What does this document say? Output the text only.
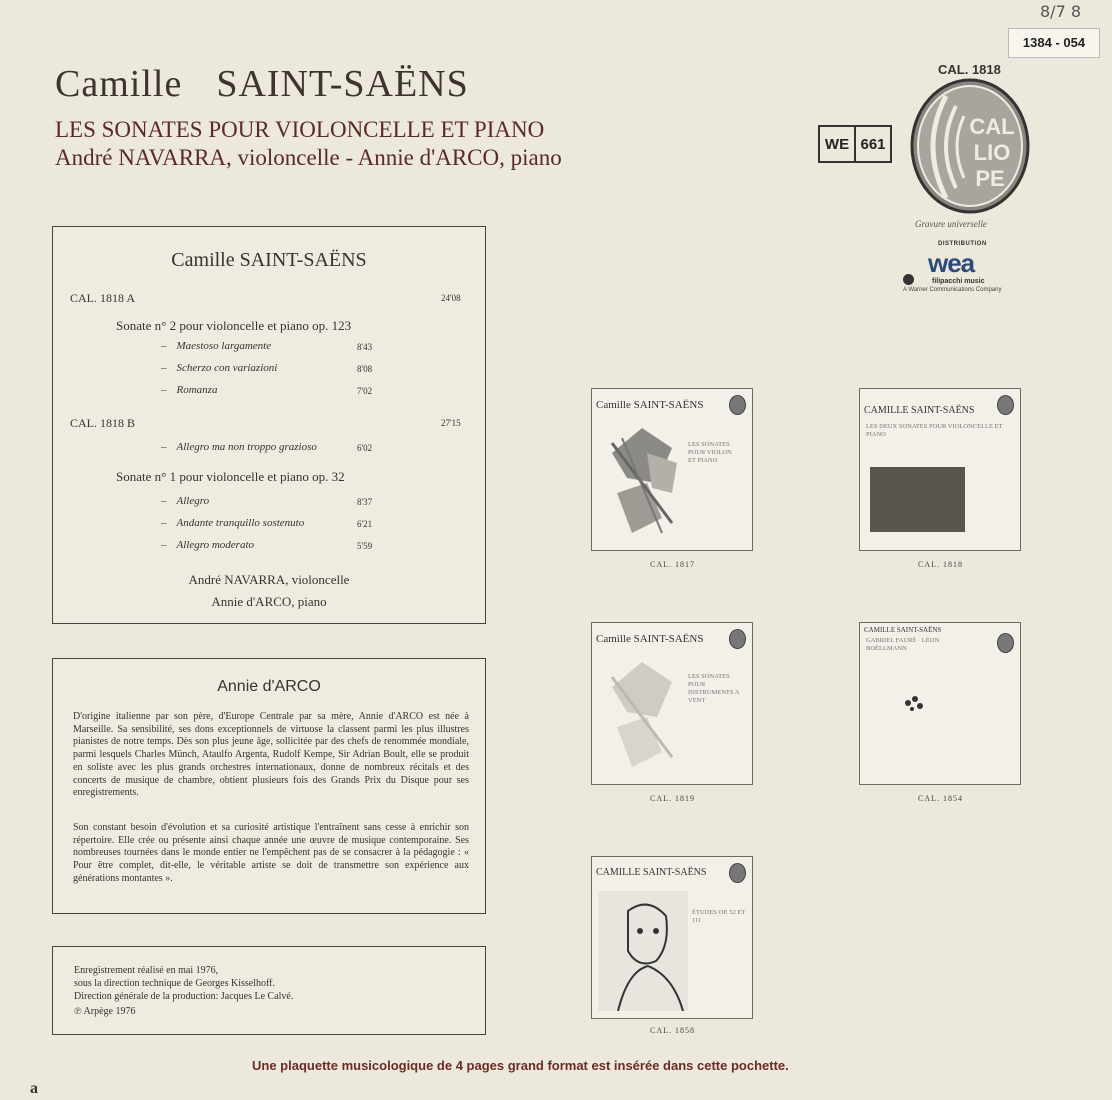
Camille SAINT-SAËNS
LES SONATES POUR VIOLONCELLE ET PIANO
André NAVARRA, violoncelle - Annie d'ARCO, piano
8/7 8
1384 - 054
WE 661
CAL. 1818
CAL
LIO
PE
Gravure universelle
DISTRIBUTION
wea
filipacchi music
A Warner Communications Company
Camille SAINT-SAËNS
CAL. 1818 A	24'08
Sonate n° 2 pour violoncelle et piano op. 123
– Maestoso largamente	8'43
– Scherzo con variazioni	8'08
– Romanza	7'02
CAL. 1818 B	27'15
– Allegro ma non troppo grazioso	6'02
Sonate n° 1 pour violoncelle et piano op. 32
– Allegro	8'37
– Andante tranquillo sostenuto	6'21
– Allegro moderato	5'59
André NAVARRA, violoncelle
Annie d'ARCO, piano
Annie d'ARCO
D'origine italienne par son père, d'Europe Centrale par sa mère, Annie d'ARCO est née à Marseille. Sa sensibilité, ses dons exceptionnels de virtuose la classent parmi les plus illustres pianistes de notre temps. Dès son plus jeune âge, sollicitée par des chefs de renommée mondiale, parmi lesquels Charles Münch, Ataulfo Argenta, Rudolf Kempe, Sir Adrian Boult, elle se produit en soliste avec les plus grands orchestres internationaux, donne de nombreux récitals et des concerts de musique de chambre, obtient plusieurs fois des Grands Prix du Disque pour ses enregistrements.
Son constant besoin d'évolution et sa curiosité artistique l'entraînent sans cesse à enrichir son répertoire. Elle crée ou présente ainsi chaque année une œuvre de musique contemporaine. Ses nombreuses tournées dans le monde entier ne l'empêchent pas de se consacrer à la pédagogie : « Pour être complet, dit-elle, le véritable artiste se doit de transmettre son expérience aux générations montantes ».
Enregistrement réalisé en mai 1976,
sous la direction technique de Georges Kisselhoff.
Direction générale de la production: Jacques Le Calvé.
℗ Arpège 1976
Camille SAINT-SAËNS
LES SONATES POUR VIOLON ET PIANO
CAL. 1817
CAMILLE SAINT-SAËNS
LES DEUX SONATES POUR VIOLONCELLE ET PIANO
CAL. 1818
Camille SAINT-SAËNS
LES SONATES POUR INSTRUMENTS A VENT
CAL. 1819
CAMILLE SAINT-SAËNS
GABRIEL FAURÉ · LÉON BOËLLMANN
CAL. 1854
CAMILLE SAINT-SAËNS
ÉTUDES OP. 52 ET 111
CAL. 1858
Une plaquette musicologique de 4 pages grand format est insérée dans cette pochette.
a
